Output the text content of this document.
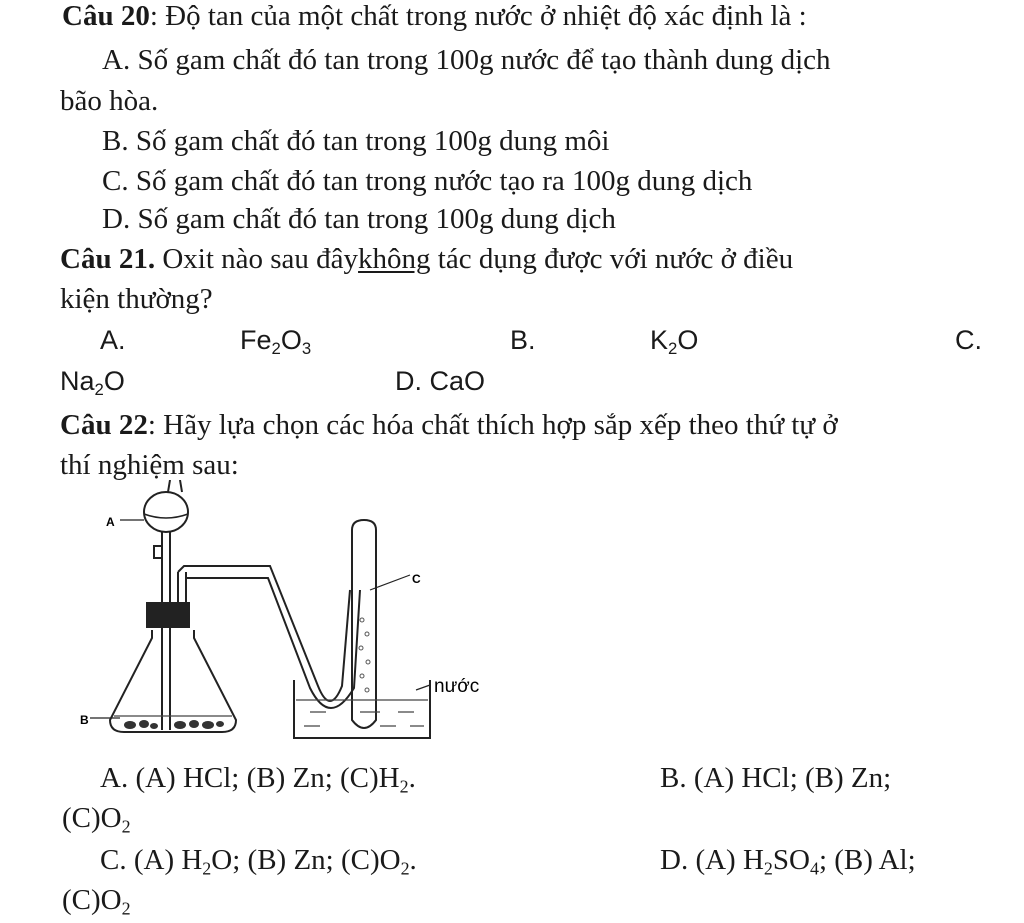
Câu 20: Độ tan của một chất trong nước ở nhiệt độ xác định là :
A. Số gam chất đó tan trong 100g nước để tạo thành dung dịch
bão hòa.
B. Số gam chất đó tan trong 100g dung môi
C. Số gam chất đó tan trong nước tạo ra 100g dung dịch
D. Số gam chất đó tan trong 100g dung dịch
Câu 21. Oxit nào sau đâykhông tác dụng được với nước ở điều
kiện thường?
A.	$Fe_2O_3$	B.	$K_2O$	C.
$Na_2O$	D. CaO
Câu 22: Hãy lựa chọn các hóa chất thích hợp sắp xếp theo thứ tự ở
thí nghiệm sau:
A
C
B
nước
A. (A) HCl; (B) Zn; $(C)H_2$.	B. (A) HCl; (B) Zn;
$(C)O_2$
C. (A) $H_2O$; (B) Zn; $(C)O_2$.	D. (A) $H_2SO_4$; (B) Al;
$(C)O_2$
